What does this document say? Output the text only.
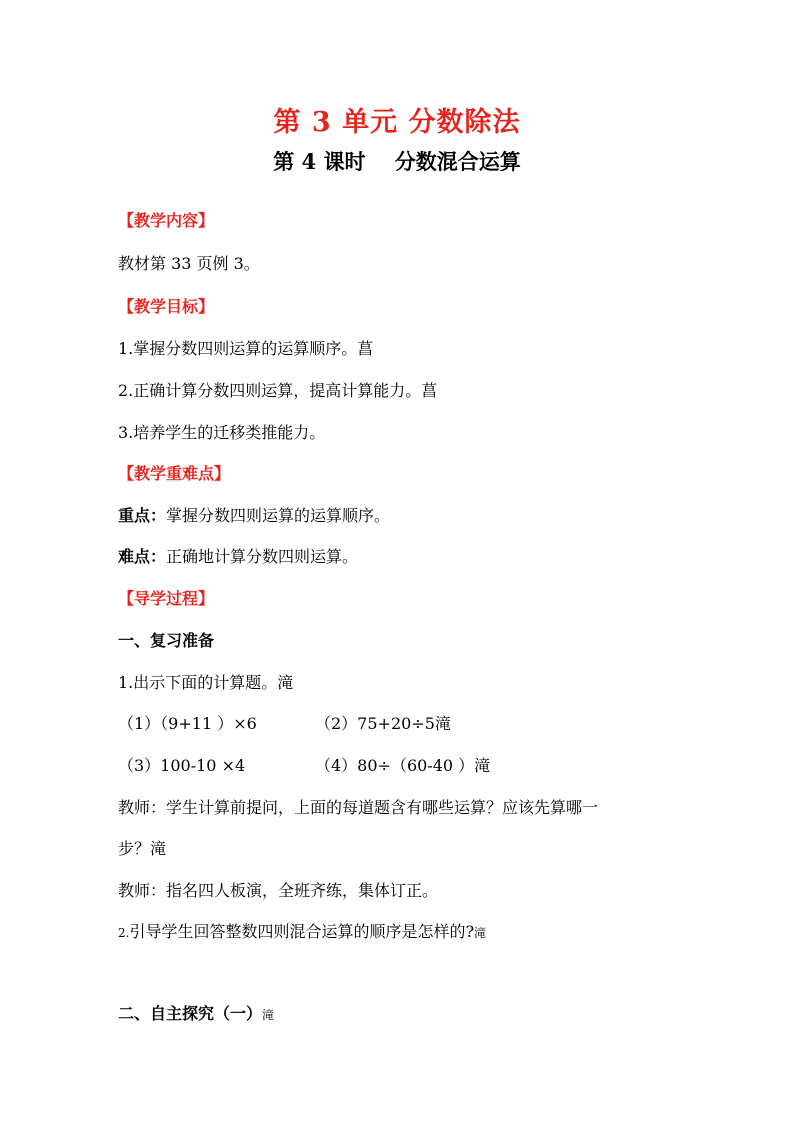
第 3 单元 分数除法
第 4 课时    分数混合运算
【教学内容】
教材第 33 页例 3。
【教学目标】
1.掌握分数四则运算的运算顺序。菖
2.正确计算分数四则运算，提高计算能力。菖
3.培养学生的迁移类推能力。
【教学重难点】
重点：掌握分数四则运算的运算顺序。
难点：正确地计算分数四则运算。
【导学过程】
一、复习准备
1.出示下面的计算题。滝
（1）（9+11 ）×6	（2）75+20÷5滝
（3）100-10 ×4	（4）80÷（60-40 ）滝
教师：学生计算前提问，上面的每道题含有哪些运算？应该先算哪一
步？滝
教师：指名四人板演，全班齐练，集体订正。
2.引导学生回答整数四则混合运算的顺序是怎样的?滝
二、自主探究（一）滝
